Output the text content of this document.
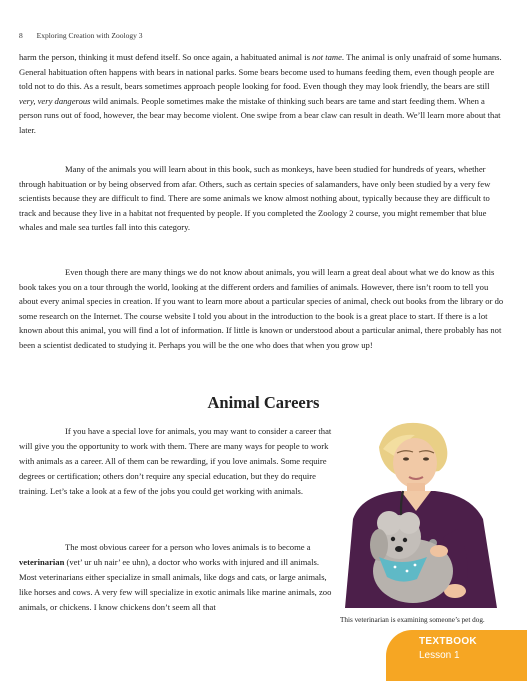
8 Exploring Creation with Zoology 3

harm the person, thinking it must defend itself. So once again, a habituated animal is not tame. The animal is only unafraid of some humans. General habituation often happens with bears in national parks. Some bears become used to humans feeding them, even though people are told not to do this. As a result, bears sometimes approach people looking for food. Even though they may look friendly, the bears are still very, very dangerous wild animals. People sometimes make the mistake of thinking such bears are tame and start feeding them. When a person runs out of food, however, the bear may become violent. One swipe from a bear claw can result in death. We’ll learn more about that later.

Many of the animals you will learn about in this book, such as monkeys, have been studied for hundreds of years, whether through habituation or by being observed from afar. Others, such as certain species of salamanders, have only been studied by a very few scientists because they are difficult to find. There are some animals we know almost nothing about, typically because they are difficult to track and because they live in a habitat not frequented by people. If you completed the Zoology 2 course, you might remember that blue whales and male sea turtles fall into this category.

Even though there are many things we do not know about animals, you will learn a great deal about what we do know as this book takes you on a tour through the world, looking at the different orders and families of animals. However, there isn’t room to tell you about every animal species in creation. If you want to learn more about a particular species of animal, check out books from the library or do some research on the Internet. The course website I told you about in the introduction to the book is a great place to start. If there is a lot known about this animal, you will find a lot of information. If little is known or understood about a particular animal, there probably has not been a scientist dedicated to studying it. Perhaps you will be the one who does that when you grow up!

Animal Careers

If you have a special love for animals, you may want to consider a career that will give you the opportunity to work with them. There are many ways for people to work with animals as a career. All of them can be rewarding, if you love animals. Some require degrees or certification; others don’t require any special education, but they do require training. Let’s take a look at a few of the jobs you could get working with animals.

The most obvious career for a person who loves animals is to become a veterinarian (vet’ ur uh nair’ ee uhn), a doctor who works with injured and ill animals. Most veterinarians either specialize in small animals, like dogs and cats, or large animals, like horses and cows. A very few will specialize in exotic animals like marine animals, zoo animals, or chickens. I know chickens don’t seem all that

This veterinarian is examining someone’s pet dog.
TEXTBOOK
Lesson 1
